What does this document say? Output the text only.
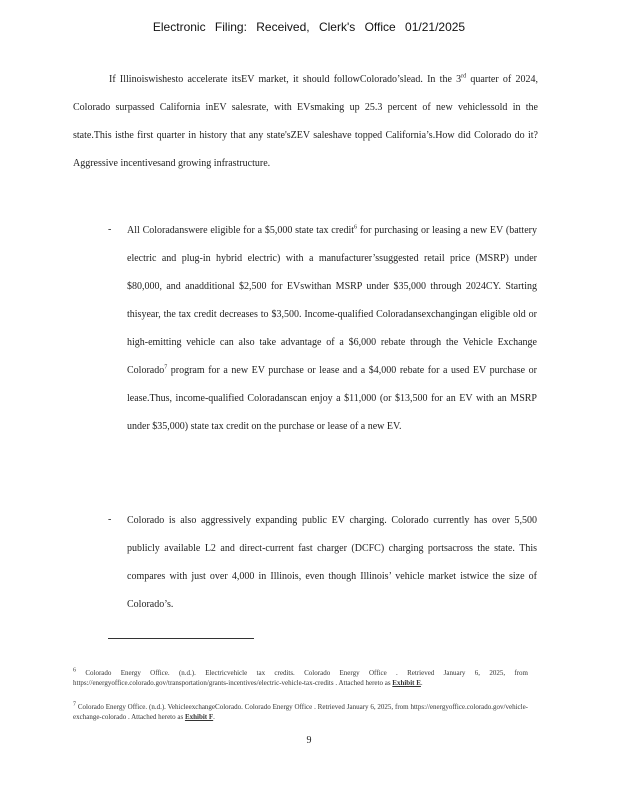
Electronic Filing: Received, Clerk's Office 01/21/2025

If Illinoiswishesto accelerate itsEV market, it should followColorado’slead. In the 3rd quarter of 2024, Colorado surpassed California inEV salesrate, with EVsmaking up 25.3 percent of new vehiclessold in the state.This isthe first quarter in history that any state'sZEV saleshave topped California’s.How did Colorado do it?Aggressive incentivesand growing infrastructure.

- All Coloradanswere eligible for a $5,000 state tax credit$^6$ for purchasing or leasing a new EV (battery electric and plug-in hybrid electric) with a manufacturer’ssuggested retail price (MSRP) under $80,000, and anadditional $2,500 for EVswithan MSRP under $35,000 through 2024CY. Starting thisyear, the tax credit decreases to $3,500. Income-qualified Coloradansexchangingan eligible old or high-emitting vehicle can also take advantage of a $6,000 rebate through the Vehicle Exchange Colorado$^7$ program for a new EV purchase or lease and a $4,000 rebate for a used EV purchase or lease.Thus, income-qualified Coloradanscan enjoy a $11,000 (or $13,500 for an EV with an MSRP under $35,000) state tax credit on the purchase or lease of a new EV.
- Colorado is also aggressively expanding public EV charging. Colorado currently has over 5,500 publicly available L2 and direct-current fast charger (DCFC) charging portsacross the state. This compares with just over 4,000 in Illinois, even though Illinois’ vehicle market istwice the size of Colorado’s.
6 Colorado Energy Office. (n.d.). Electricvehicle tax credits. Colorado Energy Office . Retrieved January 6, 2025, from https://energyoffice.colorado.gov/transportation/grants-incentives/electric-vehicle-tax-credits . Attached hereto as Exhibit E.
7 Colorado Energy Office. (n.d.). VehicleexchangeColorado. Colorado Energy Office . Retrieved January 6, 2025, from https://energyoffice.colorado.gov/vehicle-exchange-colorado . Attached hereto as Exhibit F.
9
